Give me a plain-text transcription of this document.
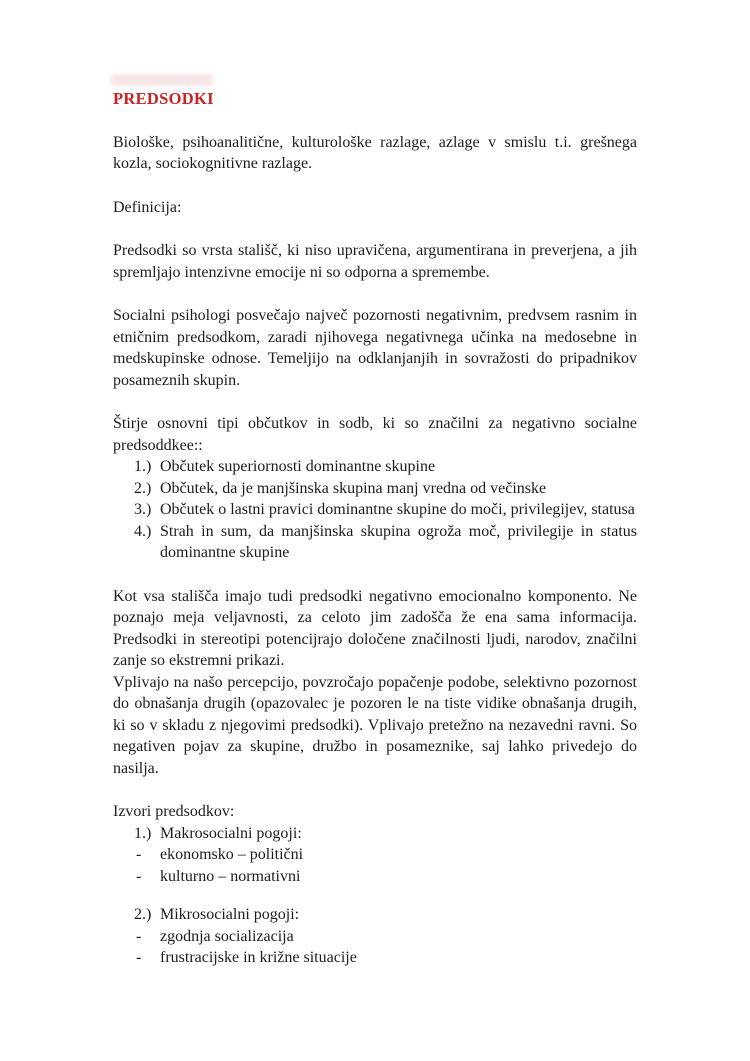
PREDSODKI

Biološke, psihoanalitične, kulturološke razlage, azlage v smislu t.i. grešnega kozla, sociokognitivne razlage.

Definicija:

Predsodki so vrsta stališč, ki niso upravičena, argumentirana in preverjena, a jih spremljajo intenzivne emocije ni so odporna a spremembe.

Socialni psihologi posvečajo največ pozornosti negativnim, predvsem rasnim in etničnim predsodkom, zaradi njihovega negativnega učinka na medosebne in medskupinske odnose. Temeljijo na odklanjanjih in sovražosti do pripadnikov posameznih skupin.

Štirje osnovni tipi občutkov in sodb, ki so značilni za negativno socialne predsoddkee::

1.) Občutek superiornosti dominantne skupine
2.) Občutek, da je manjšinska skupina manj vredna od večinske
3.) Občutek o lastni pravici dominantne skupine do moči, privilegijev, statusa
4.) Strah in sum, da manjšinska skupina ogroža moč, privilegije in status dominantne skupine

Kot vsa stališča imajo tudi predsodki negativno emocionalno komponento. Ne poznajo meja veljavnosti, za celoto jim zadošča že ena sama informacija. Predsodki in stereotipi potencijrajo določene značilnosti ljudi, narodov, značilni zanje so ekstremni prikazi.

Vplivajo na našo percepcijo, povzročajo popačenje podobe, selektivno pozornost do obnašanja drugih (opazovalec je pozoren le na tiste vidike obnašanja drugih, ki so v skladu z njegovimi predsodki). Vplivajo pretežno na nezavedni ravni. So negativen pojav za skupine, družbo in posameznike, saj lahko privedejo do nasilja.

Izvori predsodkov:

1.) Makrosocialni pogoji:
- ekonomsko – politični
- kulturno – normativni
2.) Mikrosocialni pogoji:
- zgodnja socializacija
- frustracijske in križne situacije
